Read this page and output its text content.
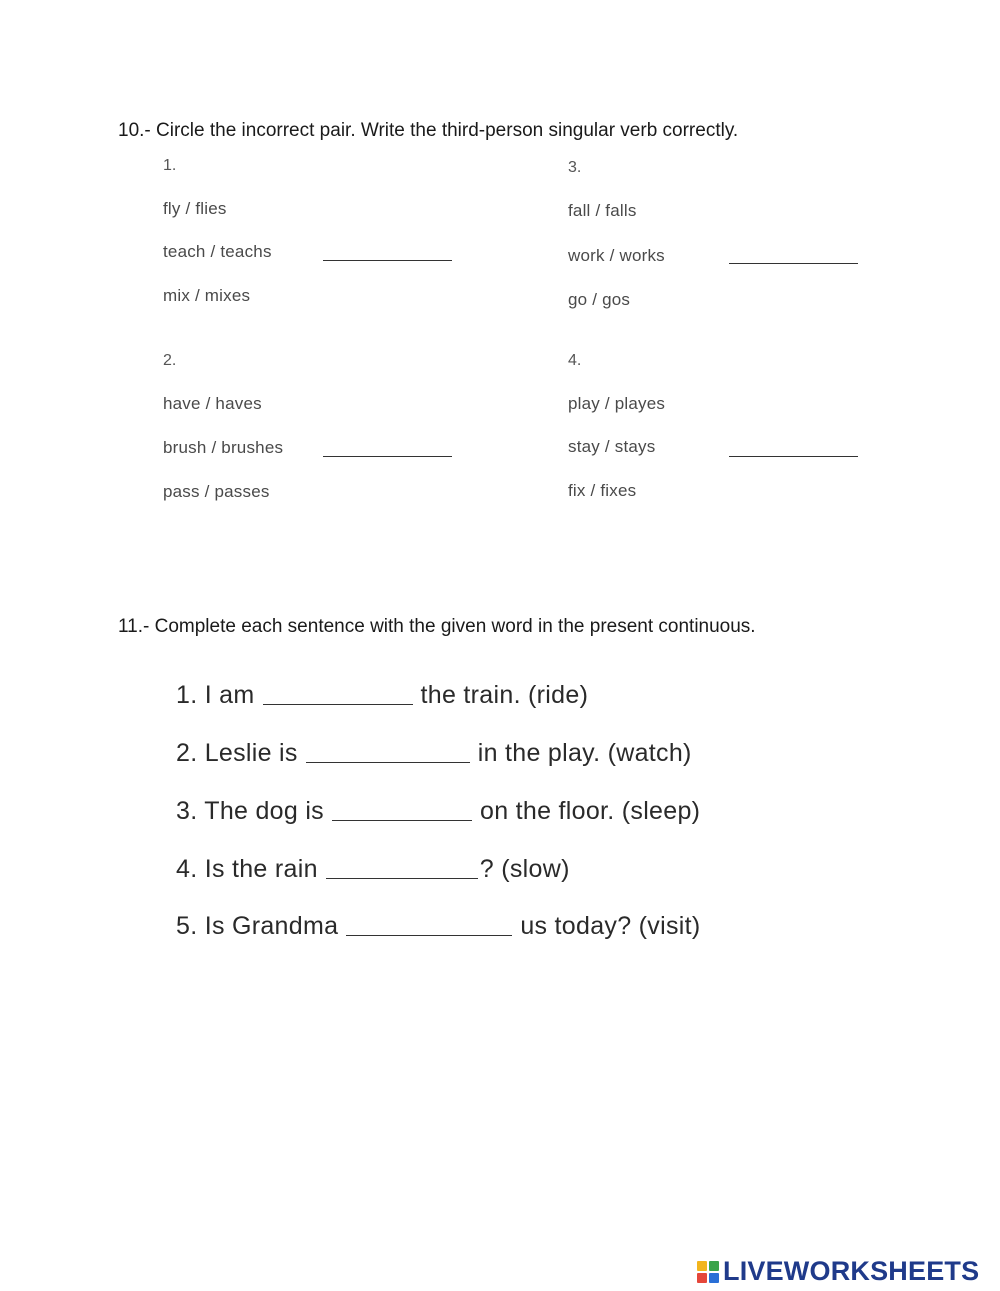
10.- Circle the incorrect pair. Write the third-person singular verb correctly.
1.
fly / flies
teach / teachs
mix / mixes
2.
have / haves
brush / brushes
pass / passes
3.
fall / falls
work / works
go / gos
4.
play / playes
stay / stays
fix / fixes
11.- Complete each sentence with the given word in the present continuous.
1. I am	the train. (ride)
2. Leslie is	in the play. (watch)
3. The dog is	on the floor. (sleep)
4. Is the rain	? (slow)
5. Is Grandma	us today? (visit)
LIVEWORKSHEETS
